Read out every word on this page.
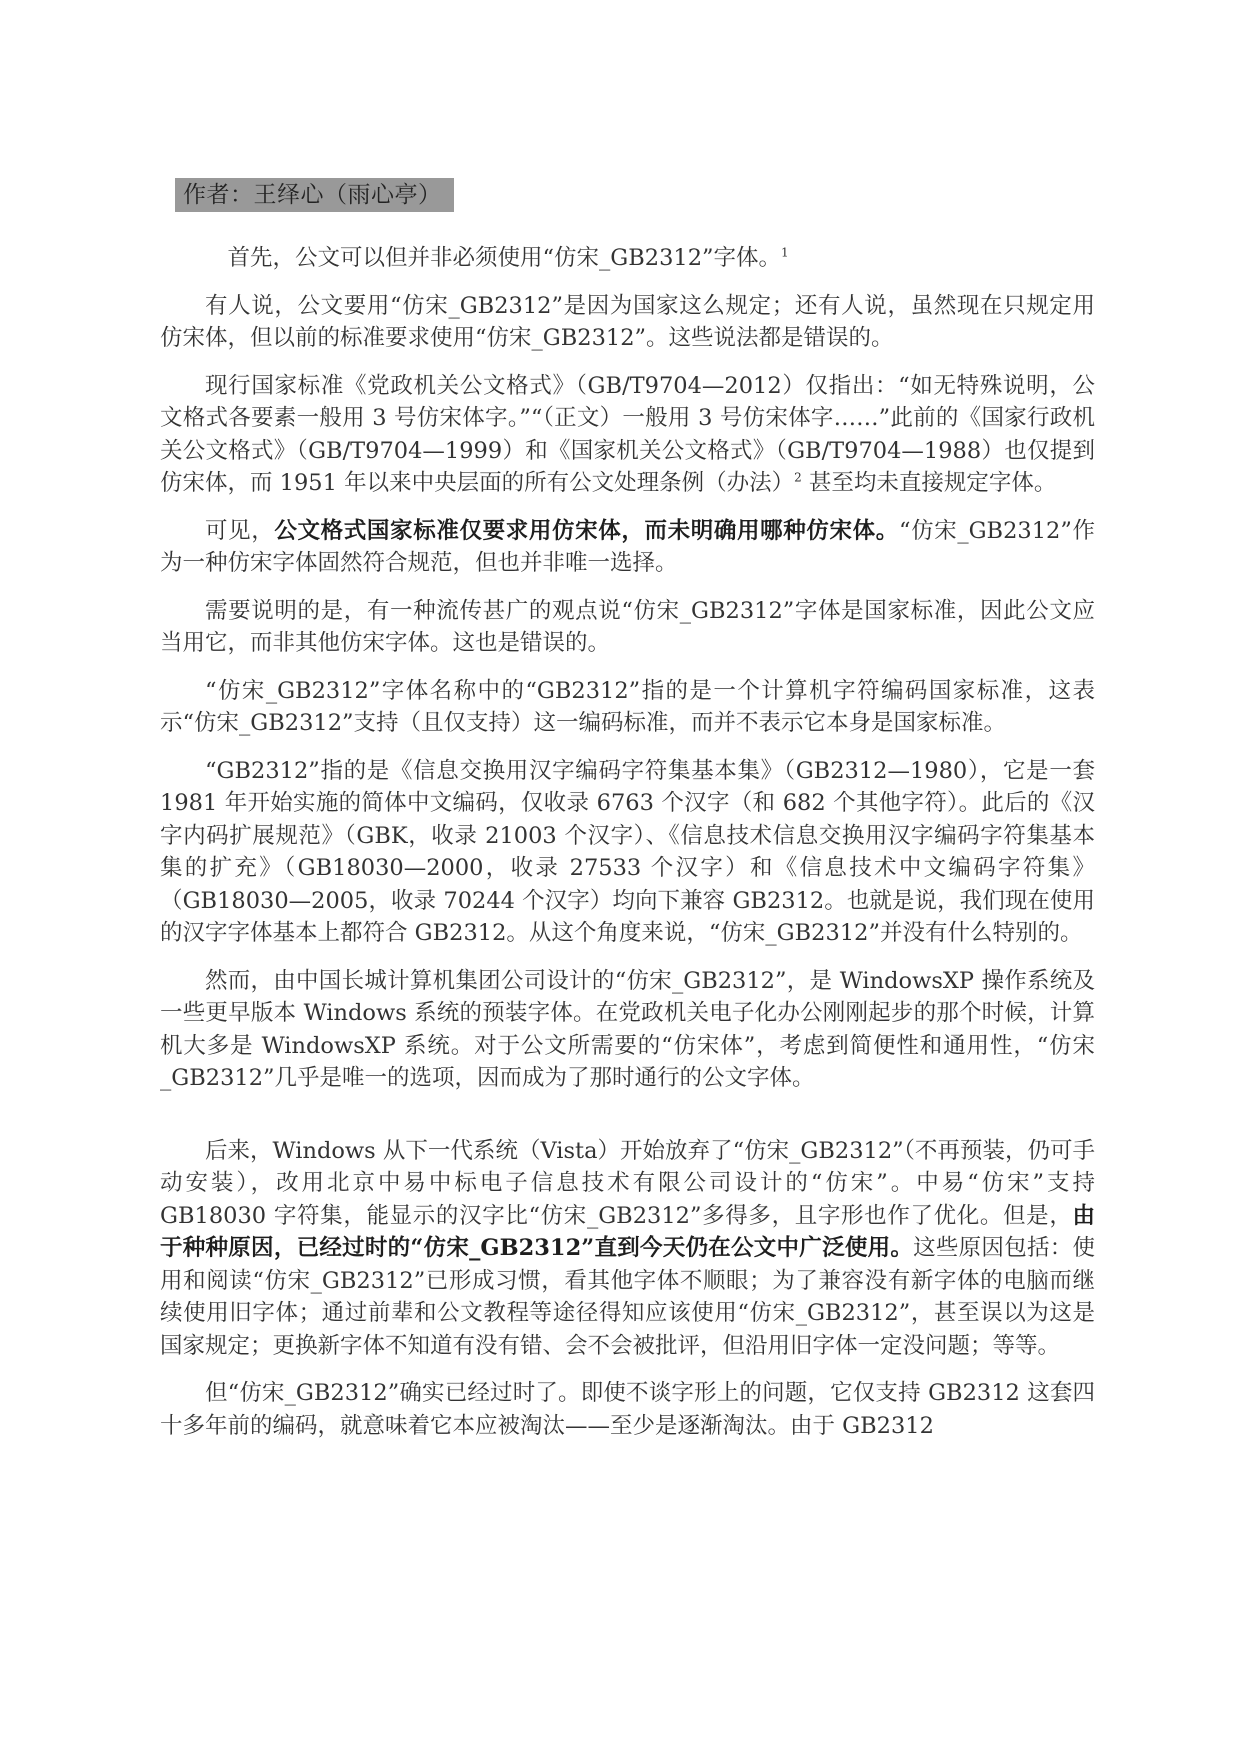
作者：王绎心（雨心亭）

首先，公文可以但并非必须使用“仿宋_GB2312”字体。$^1$

有人说，公文要用“仿宋_GB2312”是因为国家这么规定；还有人说，虽然现在只规定用仿宋体，但以前的标准要求使用“仿宋_GB2312”。这些说法都是错误的。

现行国家标准《党政机关公文格式》（GB/T9704—2012）仅指出：“如无特殊说明，公文格式各要素一般用 3 号仿宋体字。”“（正文）一般用 3 号仿宋体字……”此前的《国家行政机关公文格式》（GB/T9704—1999）和《国家机关公文格式》（GB/T9704—1988）也仅提到仿宋体，而 1951 年以来中央层面的所有公文处理条例（办法）$^2$ 甚至均未直接规定字体。

可见，公文格式国家标准仅要求用仿宋体，而未明确用哪种仿宋体。“仿宋_GB2312”作为一种仿宋字体固然符合规范，但也并非唯一选择。

需要说明的是，有一种流传甚广的观点说“仿宋_GB2312”字体是国家标准，因此公文应当用它，而非其他仿宋字体。这也是错误的。

“仿宋_GB2312”字体名称中的“GB2312”指的是一个计算机字符编码国家标准，这表示“仿宋_GB2312”支持（且仅支持）这一编码标准，而并不表示它本身是国家标准。

“GB2312”指的是《信息交换用汉字编码字符集基本集》（GB2312—1980），它是一套 1981 年开始实施的简体中文编码，仅收录 6763 个汉字（和 682 个其他字符）。此后的《汉字内码扩展规范》（GBK，收录 21003 个汉字）、《信息技术信息交换用汉字编码字符集基本集的扩充》（GB18030—2000，收录 27533 个汉字）和《信息技术中文编码字符集》（GB18030—2005，收录 70244 个汉字）均向下兼容 GB2312。也就是说，我们现在使用的汉字字体基本上都符合 GB2312。从这个角度来说，“仿宋_GB2312”并没有什么特别的。

然而，由中国长城计算机集团公司设计的“仿宋_GB2312”，是 WindowsXP 操作系统及一些更早版本 Windows 系统的预装字体。在党政机关电子化办公刚刚起步的那个时候，计算机大多是 WindowsXP 系统。对于公文所需要的“仿宋体”，考虑到简便性和通用性，“仿宋_GB2312”几乎是唯一的选项，因而成为了那时通行的公文字体。

后来，Windows 从下一代系统（Vista）开始放弃了“仿宋_GB2312”（不再预装，仍可手动安装），改用北京中易中标电子信息技术有限公司设计的“仿宋”。中易“仿宋”支持 GB18030 字符集，能显示的汉字比“仿宋_GB2312”多得多，且字形也作了优化。但是，由于种种原因，已经过时的“仿宋_GB2312”直到今天仍在公文中广泛使用。这些原因包括：使用和阅读“仿宋_GB2312”已形成习惯，看其他字体不顺眼；为了兼容没有新字体的电脑而继续使用旧字体；通过前辈和公文教程等途径得知应该使用“仿宋_GB2312”，甚至误以为这是国家规定；更换新字体不知道有没有错、会不会被批评，但沿用旧字体一定没问题；等等。

但“仿宋_GB2312”确实已经过时了。即使不谈字形上的问题，它仅支持 GB2312 这套四十多年前的编码，就意味着它本应被淘汰——至少是逐渐淘汰。由于 GB2312
